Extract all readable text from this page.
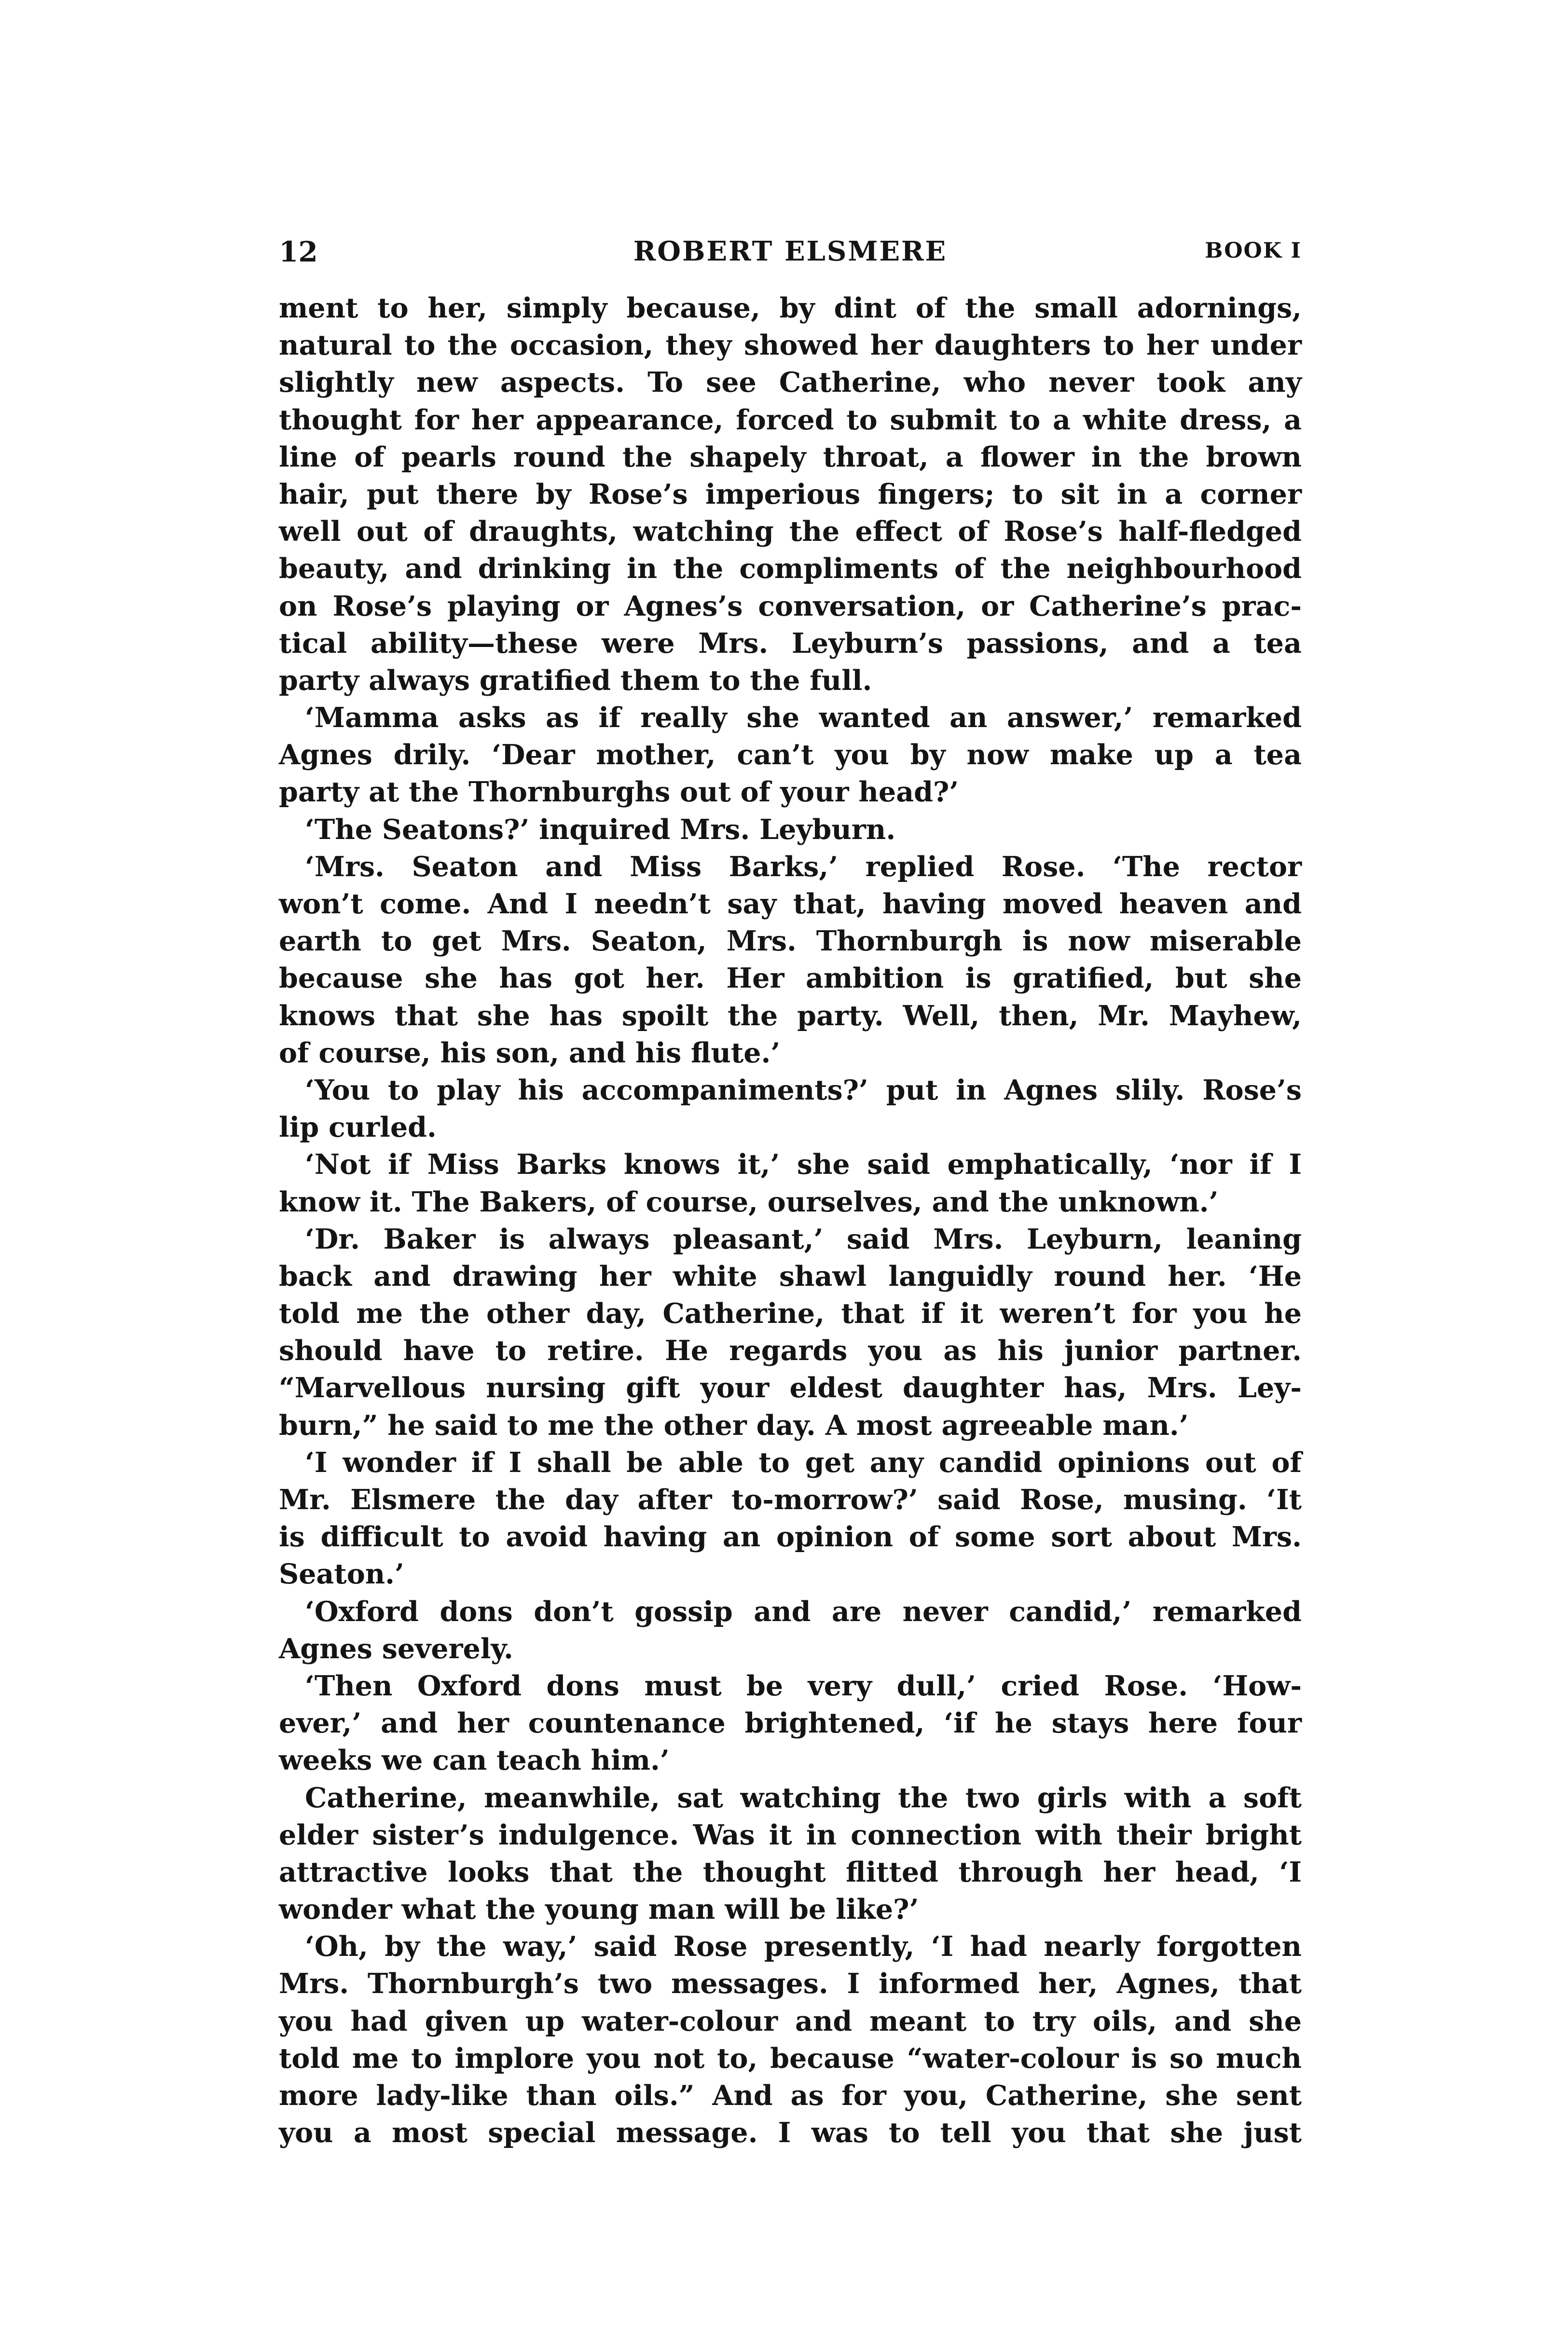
12	ROBERT ELSMERE	BOOK I
ment to her, simply because, by dint of the small adornings,
natural to the occasion, they showed her daughters to her under
slightly new aspects. To see Catherine, who never took any
thought for her appearance, forced to submit to a white dress, a
line of pearls round the shapely throat, a flower in the brown
hair, put there by Rose’s imperious fingers; to sit in a corner
well out of draughts, watching the effect of Rose’s half-fledged
beauty, and drinking in the compliments of the neighbourhood
on Rose’s playing or Agnes’s conversation, or Catherine’s prac-
tical ability—these were Mrs. Leyburn’s passions, and a tea
party always gratified them to the full.
‘Mamma asks as if really she wanted an answer,’ remarked
Agnes drily. ‘Dear mother, can’t you by now make up a tea
party at the Thornburghs out of your head?’
‘The Seatons?’ inquired Mrs. Leyburn.
‘Mrs. Seaton and Miss Barks,’ replied Rose. ‘The rector
won’t come. And I needn’t say that, having moved heaven and
earth to get Mrs. Seaton, Mrs. Thornburgh is now miserable
because she has got her. Her ambition is gratified, but she
knows that she has spoilt the party. Well, then, Mr. Mayhew,
of course, his son, and his flute.’
‘You to play his accompaniments?’ put in Agnes slily. Rose’s
lip curled.
‘Not if Miss Barks knows it,’ she said emphatically, ‘nor if I
know it. The Bakers, of course, ourselves, and the unknown.’
‘Dr. Baker is always pleasant,’ said Mrs. Leyburn, leaning
back and drawing her white shawl languidly round her. ‘He
told me the other day, Catherine, that if it weren’t for you he
should have to retire. He regards you as his junior partner.
“Marvellous nursing gift your eldest daughter has, Mrs. Ley-
burn,” he said to me the other day. A most agreeable man.’
‘I wonder if I shall be able to get any candid opinions out of
Mr. Elsmere the day after to-morrow?’ said Rose, musing. ‘It
is difficult to avoid having an opinion of some sort about Mrs.
Seaton.’
‘Oxford dons don’t gossip and are never candid,’ remarked
Agnes severely.
‘Then Oxford dons must be very dull,’ cried Rose. ‘How-
ever,’ and her countenance brightened, ‘if he stays here four
weeks we can teach him.’
Catherine, meanwhile, sat watching the two girls with a soft
elder sister’s indulgence. Was it in connection with their bright
attractive looks that the thought flitted through her head, ‘I
wonder what the young man will be like?’
‘Oh, by the way,’ said Rose presently, ‘I had nearly forgotten
Mrs. Thornburgh’s two messages. I informed her, Agnes, that
you had given up water-colour and meant to try oils, and she
told me to implore you not to, because “water-colour is so much
more lady-like than oils.” And as for you, Catherine, she sent
you a most special message. I was to tell you that she just
